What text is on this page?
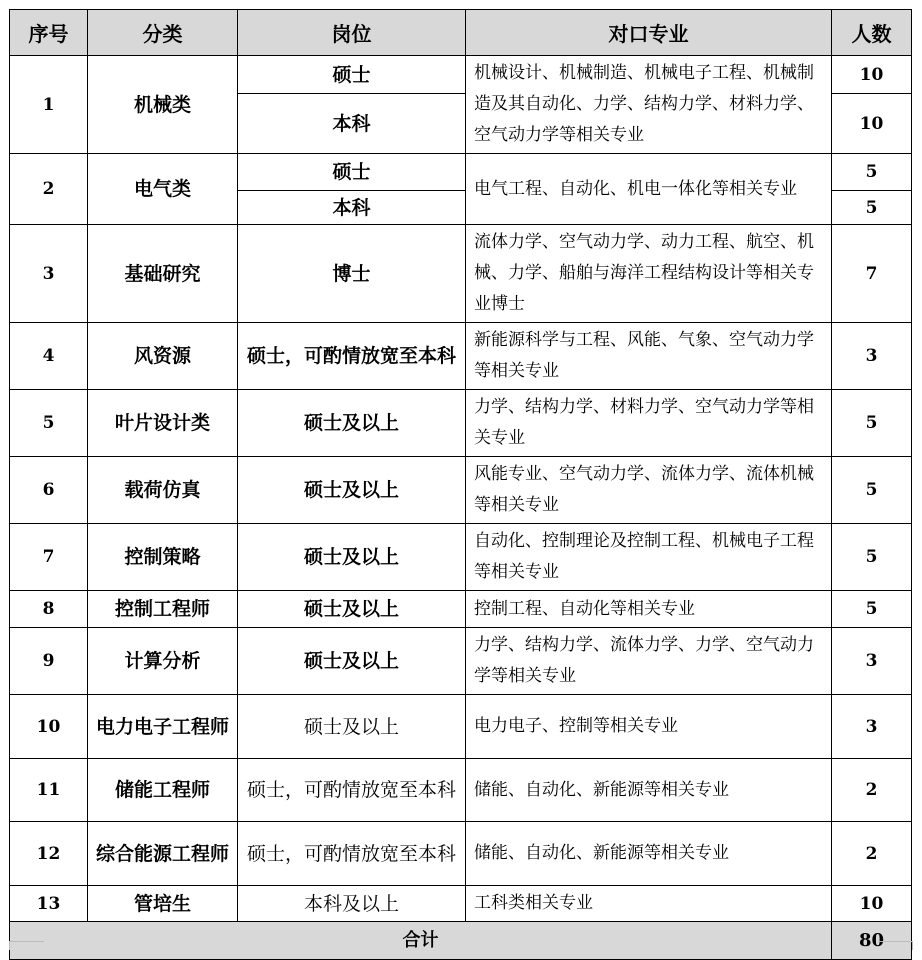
序号	分类	岗位	对口专业	人数
1	机械类	硕士	机械设计、机械制造、机械电子工程、机械制造及其自动化、力学、结构力学、材料力学、空气动力学等相关专业	10
		本科		10
2	电气类	硕士	电气工程、自动化、机电一体化等相关专业	5
		本科		5
3	基础研究	博士	流体力学、空气动力学、动力工程、航空、机械、力学、船舶与海洋工程结构设计等相关专业博士	7
4	风资源	硕士，可酌情放宽至本科	新能源科学与工程、风能、气象、空气动力学等相关专业	3
5	叶片设计类	硕士及以上	力学、结构力学、材料力学、空气动力学等相关专业	5
6	载荷仿真	硕士及以上	风能专业、空气动力学、流体力学、流体机械等相关专业	5
7	控制策略	硕士及以上	自动化、控制理论及控制工程、机械电子工程等相关专业	5
8	控制工程师	硕士及以上	控制工程、自动化等相关专业	5
9	计算分析	硕士及以上	力学、结构力学、流体力学、力学、空气动力学等相关专业	3
10	电力电子工程师	硕士及以上	电力电子、控制等相关专业	3
11	储能工程师	硕士，可酌情放宽至本科	储能、自动化、新能源等相关专业	2
12	综合能源工程师	硕士，可酌情放宽至本科	储能、自动化、新能源等相关专业	2
13	管培生	本科及以上	工科类相关专业	10
合计				80
